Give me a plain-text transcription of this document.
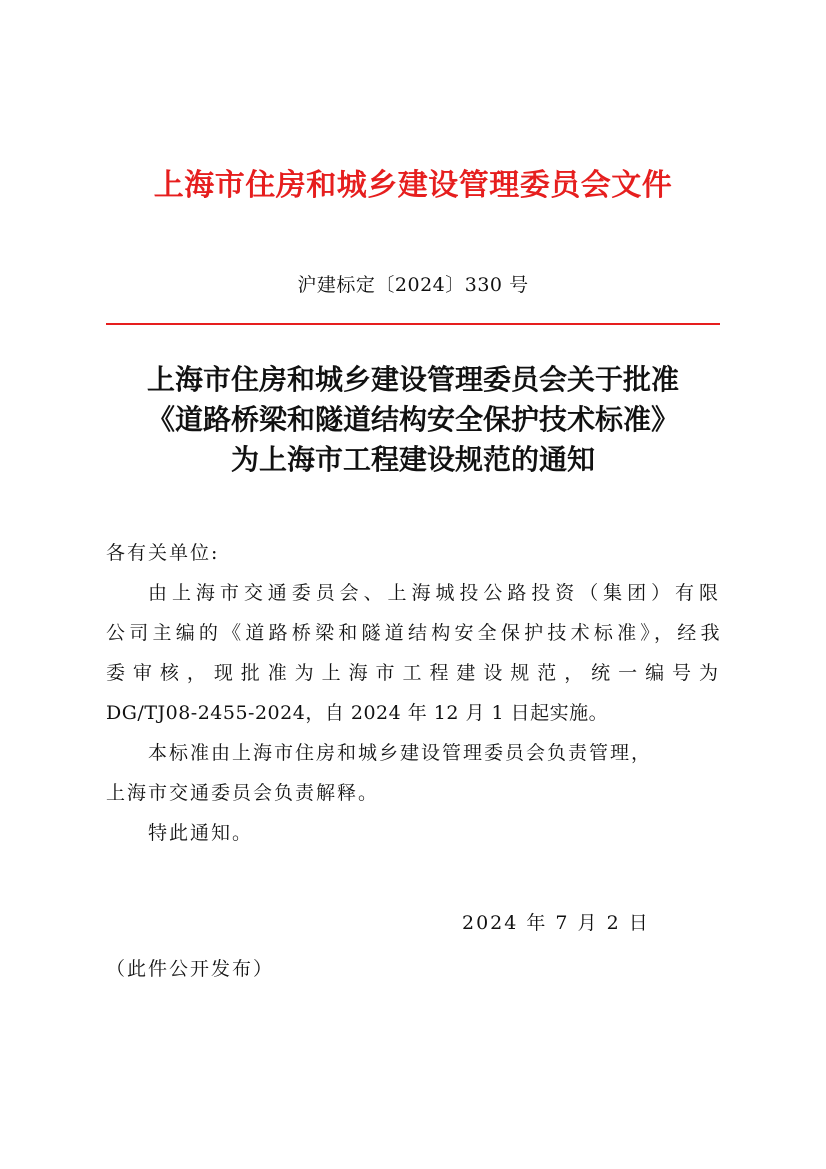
上海市住房和城乡建设管理委员会文件
沪建标定〔2024〕330 号
上海市住房和城乡建设管理委员会关于批准
《道路桥梁和隧道结构安全保护技术标准》
为上海市工程建设规范的通知

各有关单位:

由上海市交通委员会、上海城投公路投资（集团）有限

公司主编的《道路桥梁和隧道结构安全保护技术标准》，经我

委审核，现批准为上海市工程建设规范，统一编号为

DG/TJ08-2455-2024，自 2024 年 12 月 1 日起实施。

本标准由上海市住房和城乡建设管理委员会负责管理，

上海市交通委员会负责解释。

特此通知。

2024 年 7 月 2 日
（此件公开发布）
